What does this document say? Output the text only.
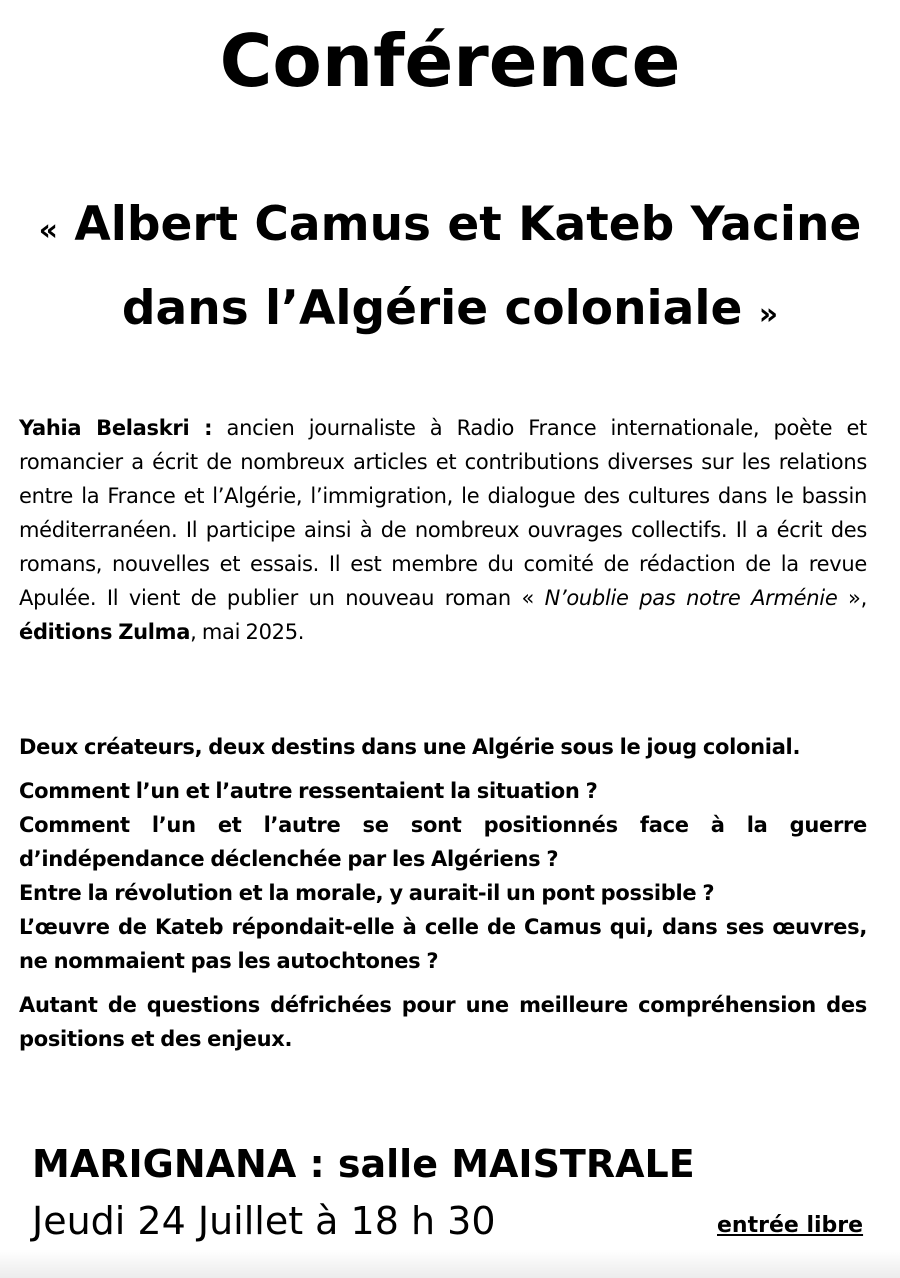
Conférence
« Albert Camus et Kateb Yacine
dans l’Algérie coloniale »

Yahia Belaskri : ancien journaliste à Radio France internationale, poète et romancier a écrit de nombreux articles et contributions diverses sur les relations entre la France et l’Algérie, l’immigration, le dialogue des cultures dans le bassin méditerranéen. Il participe ainsi à de nombreux ouvrages collectifs. Il a écrit des romans, nouvelles et essais. Il est membre du comité de rédaction de la revue Apulée. Il vient de publier un nouveau roman « N’oublie pas notre Arménie », éditions Zulma, mai 2025.

Deux créateurs, deux destins dans une Algérie sous le joug colonial.

Comment l’un et l’autre ressentaient la situation ?

Comment l’un et l’autre se sont positionnés face à la guerre d’indépendance déclenchée par les Algériens ?

Entre la révolution et la morale, y aurait-il un pont possible ?

L’œuvre de Kateb répondait-elle à celle de Camus qui, dans ses œuvres, ne nommaient pas les autochtones ?

Autant de questions défrichées pour une meilleure compréhension des positions et des enjeux.

MARIGNANA : salle MAISTRALE

Jeudi 24 Juillet à 18 h 30	entrée libre
